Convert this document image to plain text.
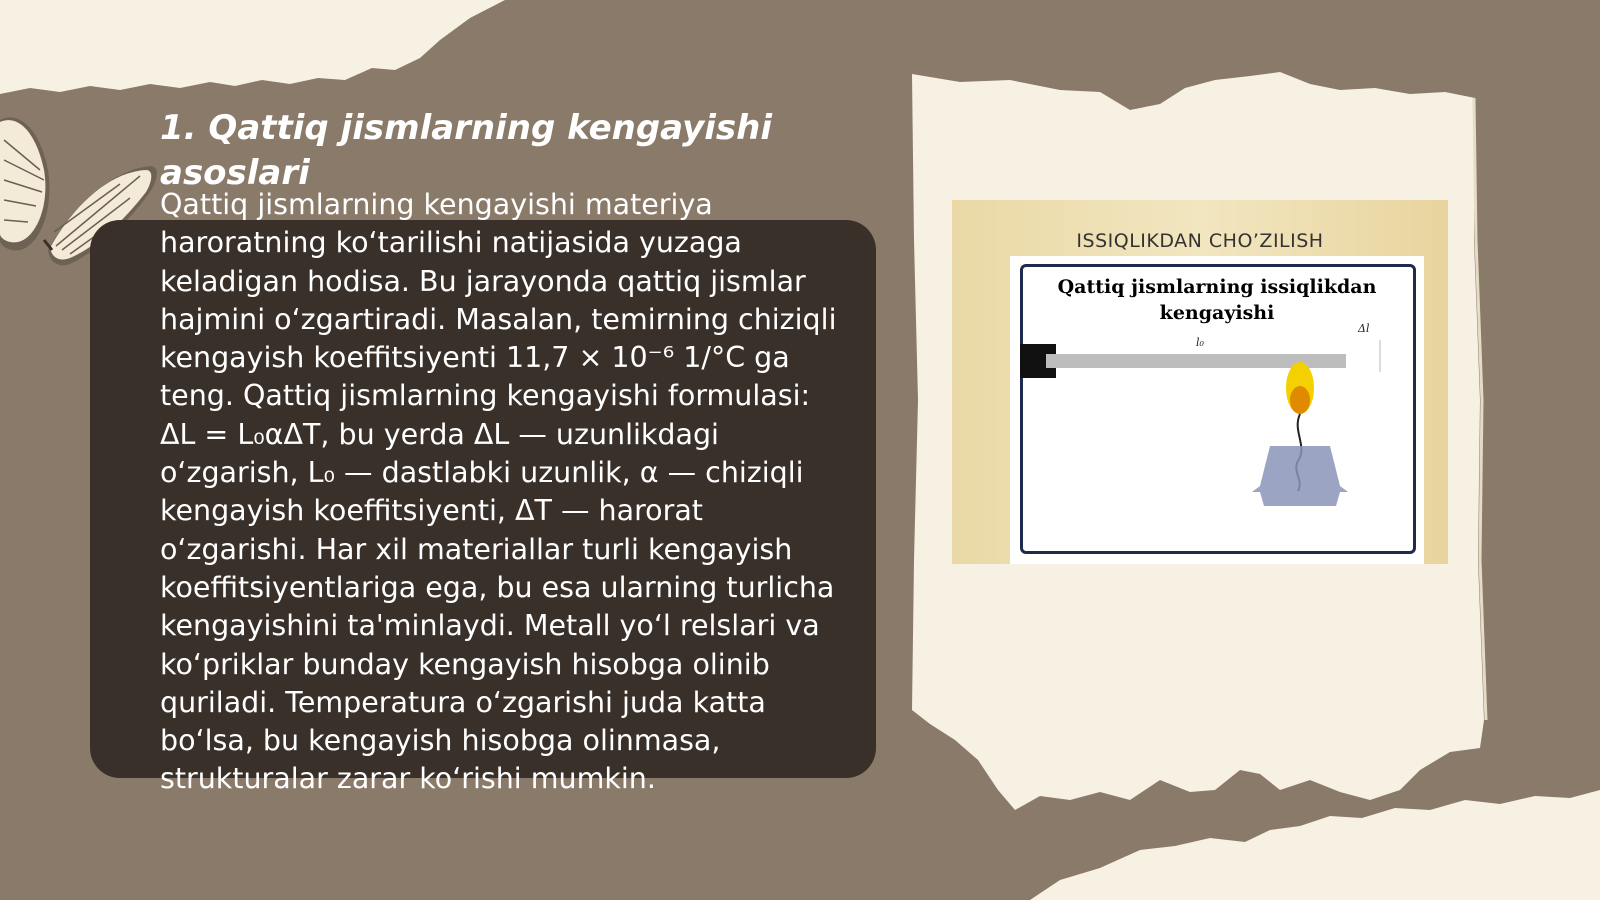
1. Qattiq jismlarning kengayishi asoslari

Qattiq jismlarning kengayishi materiya haroratning ko‘tarilishi natijasida yuzaga keladigan hodisa. Bu jarayonda qattiq jismlar hajmini o‘zgartiradi. Masalan, temirning chiziqli kengayish koeffitsiyenti 11,7 × 10⁻⁶ 1/°C ga teng. Qattiq jismlarning kengayishi formulasi: ΔL = L₀αΔT, bu yerda ΔL — uzunlikdagi o‘zgarish, L₀ — dastlabki uzunlik, α — chiziqli kengayish koeffitsiyenti, ΔT — harorat o‘zgarishi. Har xil materiallar turli kengayish koeffitsiyentlariga ega, bu esa ularning turlicha kengayishini ta'minlaydi. Metall yo‘l relslari va ko‘priklar bunday kengayish hisobga olinib quriladi. Temperatura o‘zgarishi juda katta bo‘lsa, bu kengayish hisobga olinmasa, strukturalar zarar ko‘rishi mumkin.

ISSIQLIKDAN CHO’ZILISH
Qattiq jismlarning issiqlikdan kengayishi
l₀
Δl
